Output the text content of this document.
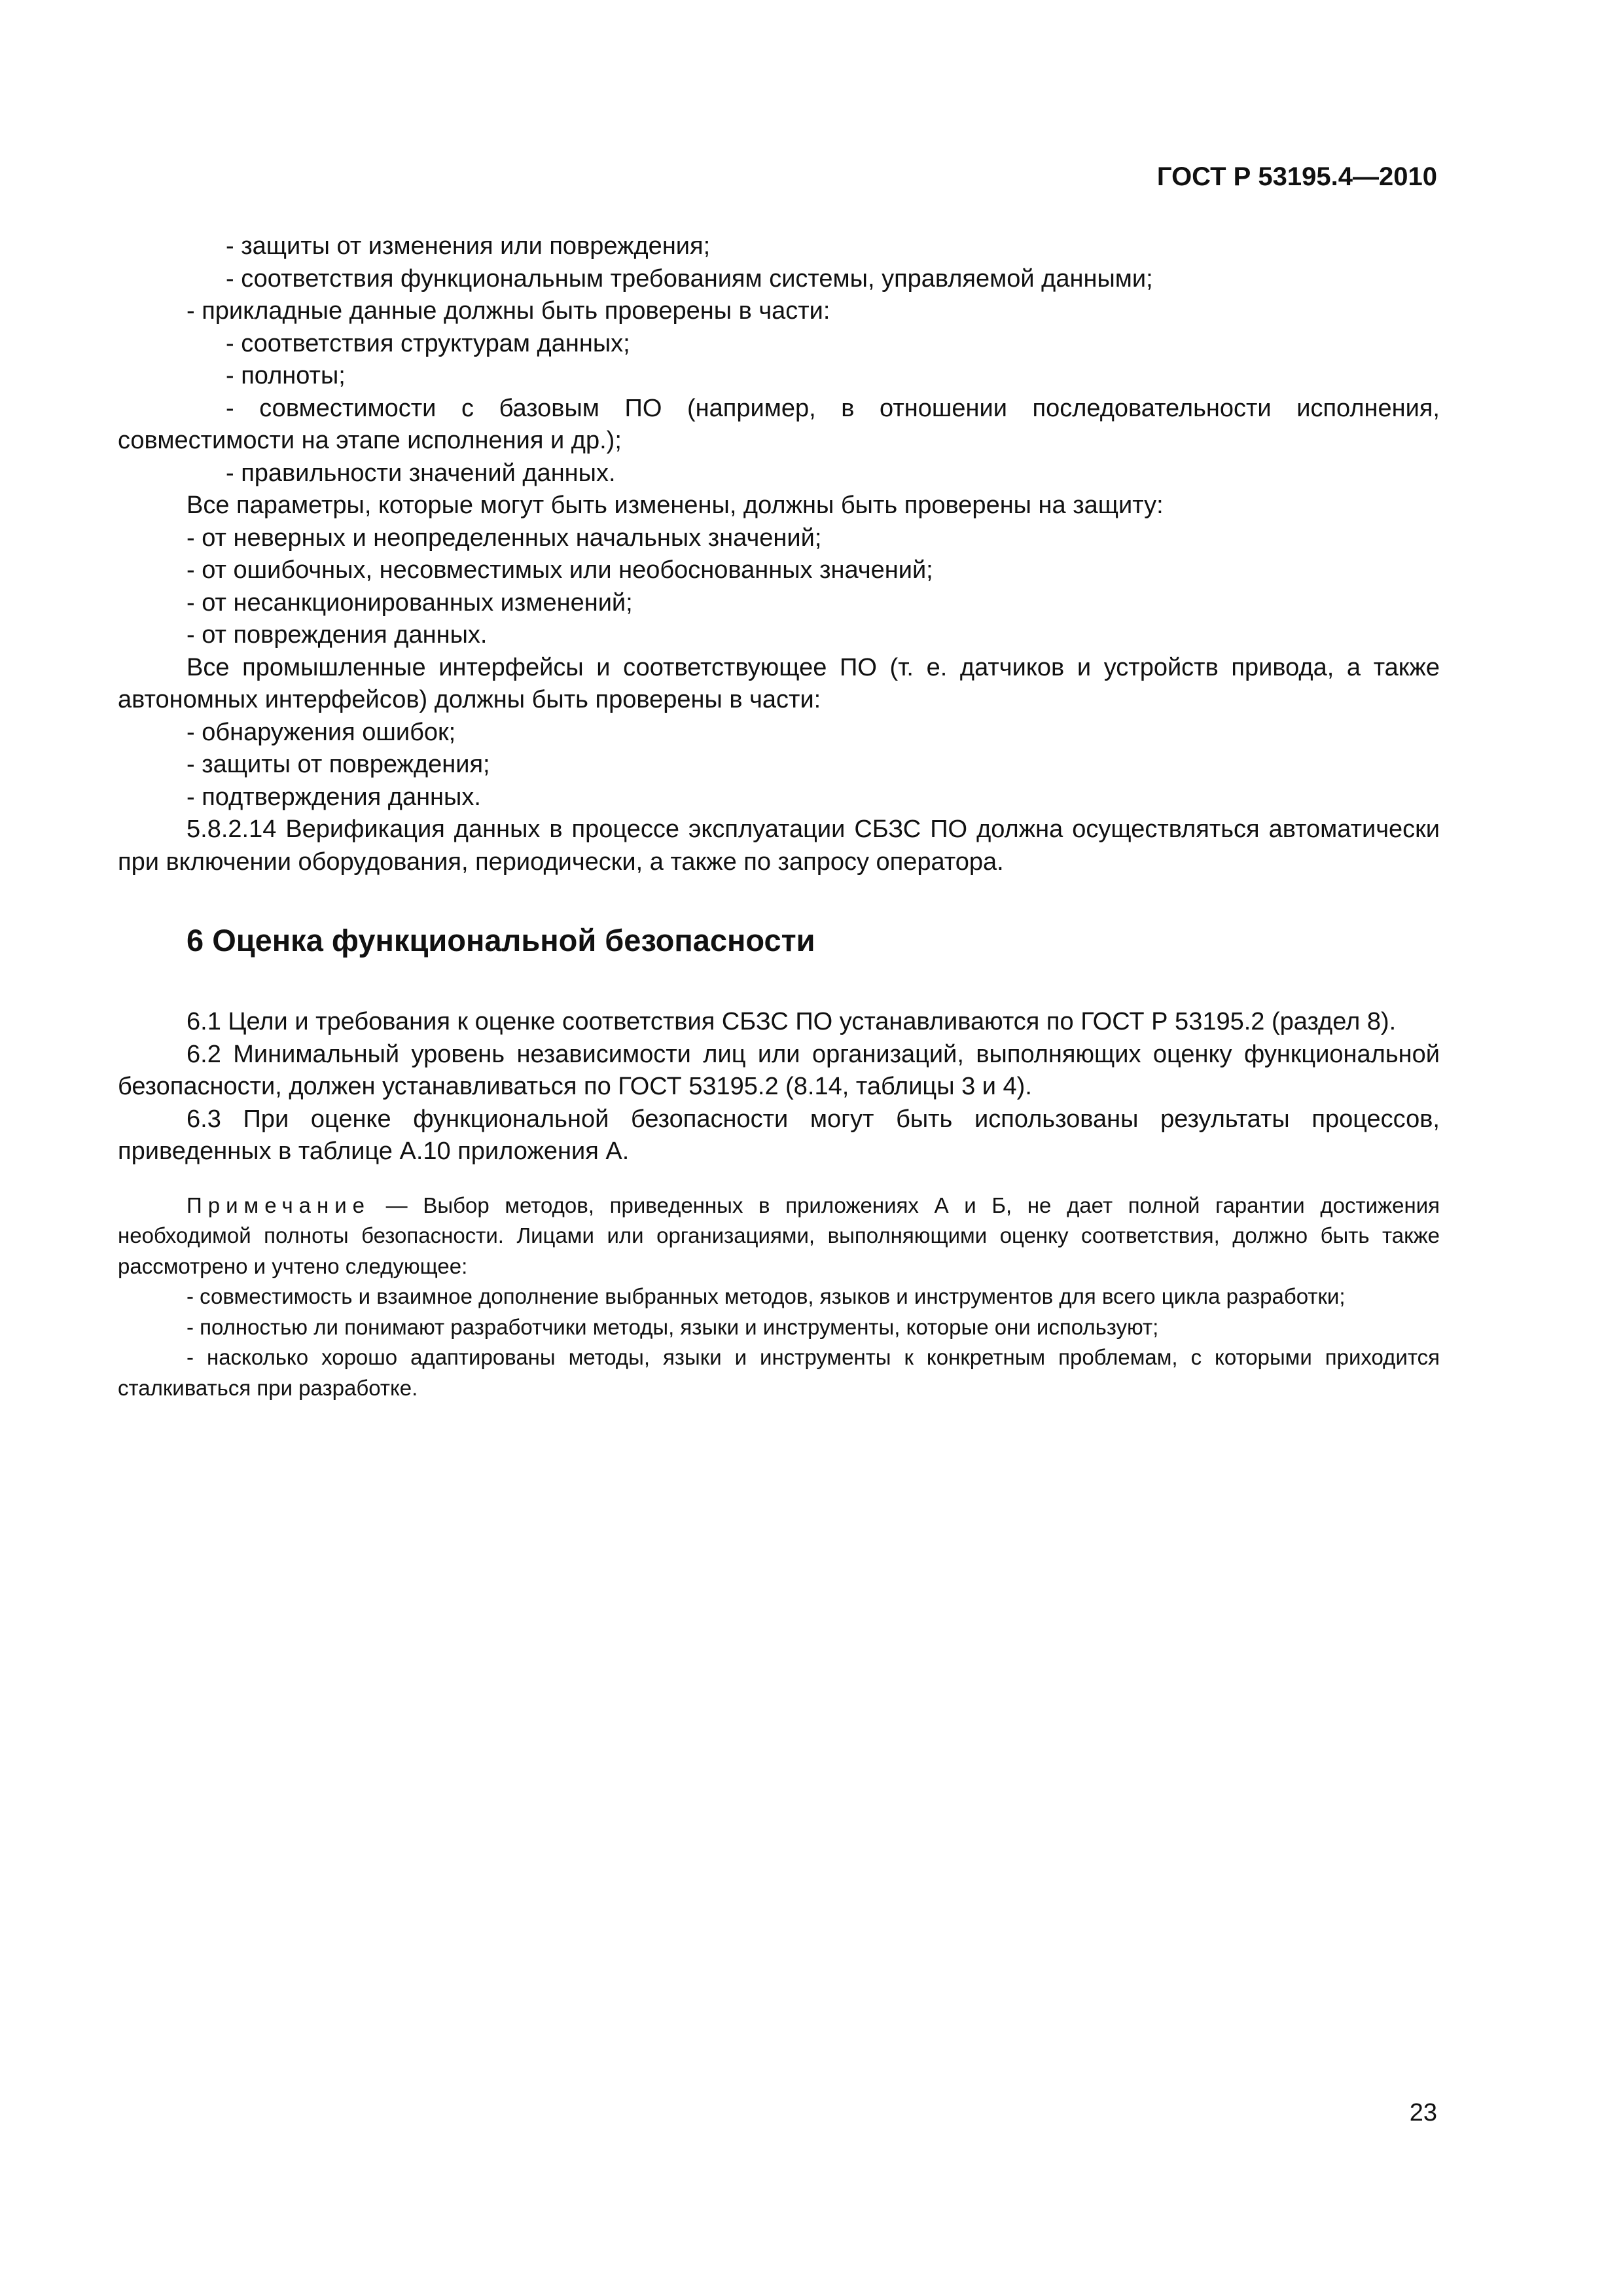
ГОСТ Р 53195.4—2010

- защиты от изменения или повреждения;

- соответствия функциональным требованиям системы, управляемой данными;

- прикладные данные должны быть проверены в части:

- соответствия структурам данных;

- полноты;

- совместимости с базовым ПО (например, в отношении последовательности исполнения, совместимости на этапе исполнения и др.);

- правильности значений данных.

Все параметры, которые могут быть изменены, должны быть проверены на защиту:

- от неверных и неопределенных начальных значений;

- от ошибочных, несовместимых или необоснованных значений;

- от несанкционированных изменений;

- от повреждения данных.

Все промышленные интерфейсы и соответствующее ПО (т. е. датчиков и устройств привода, а также автономных интерфейсов) должны быть проверены в части:

- обнаружения ошибок;

- защиты от повреждения;

- подтверждения данных.

5.8.2.14 Верификация данных в процессе эксплуатации СБЗС ПО должна осуществляться автоматически при включении оборудования, периодически, а также по запросу оператора.

6 Оценка функциональной безопасности

6.1 Цели и требования к оценке соответствия СБЗС ПО устанавливаются по ГОСТ Р 53195.2 (раздел 8).

6.2 Минимальный уровень независимости лиц или организаций, выполняющих оценку функциональной безопасности, должен устанавливаться по ГОСТ 53195.2 (8.14, таблицы 3 и 4).

6.3 При оценке функциональной безопасности могут быть использованы результаты процессов, приведенных в таблице А.10 приложения А.

Примечание — Выбор методов, приведенных в приложениях А и Б, не дает полной гарантии достижения необходимой полноты безопасности. Лицами или организациями, выполняющими оценку соответствия, должно быть также рассмотрено и учтено следующее:

- совместимость и взаимное дополнение выбранных методов, языков и инструментов для всего цикла разработки;

- полностью ли понимают разработчики методы, языки и инструменты, которые они используют;

- насколько хорошо адаптированы методы, языки и инструменты к конкретным проблемам, с которыми приходится сталкиваться при разработке.

23
